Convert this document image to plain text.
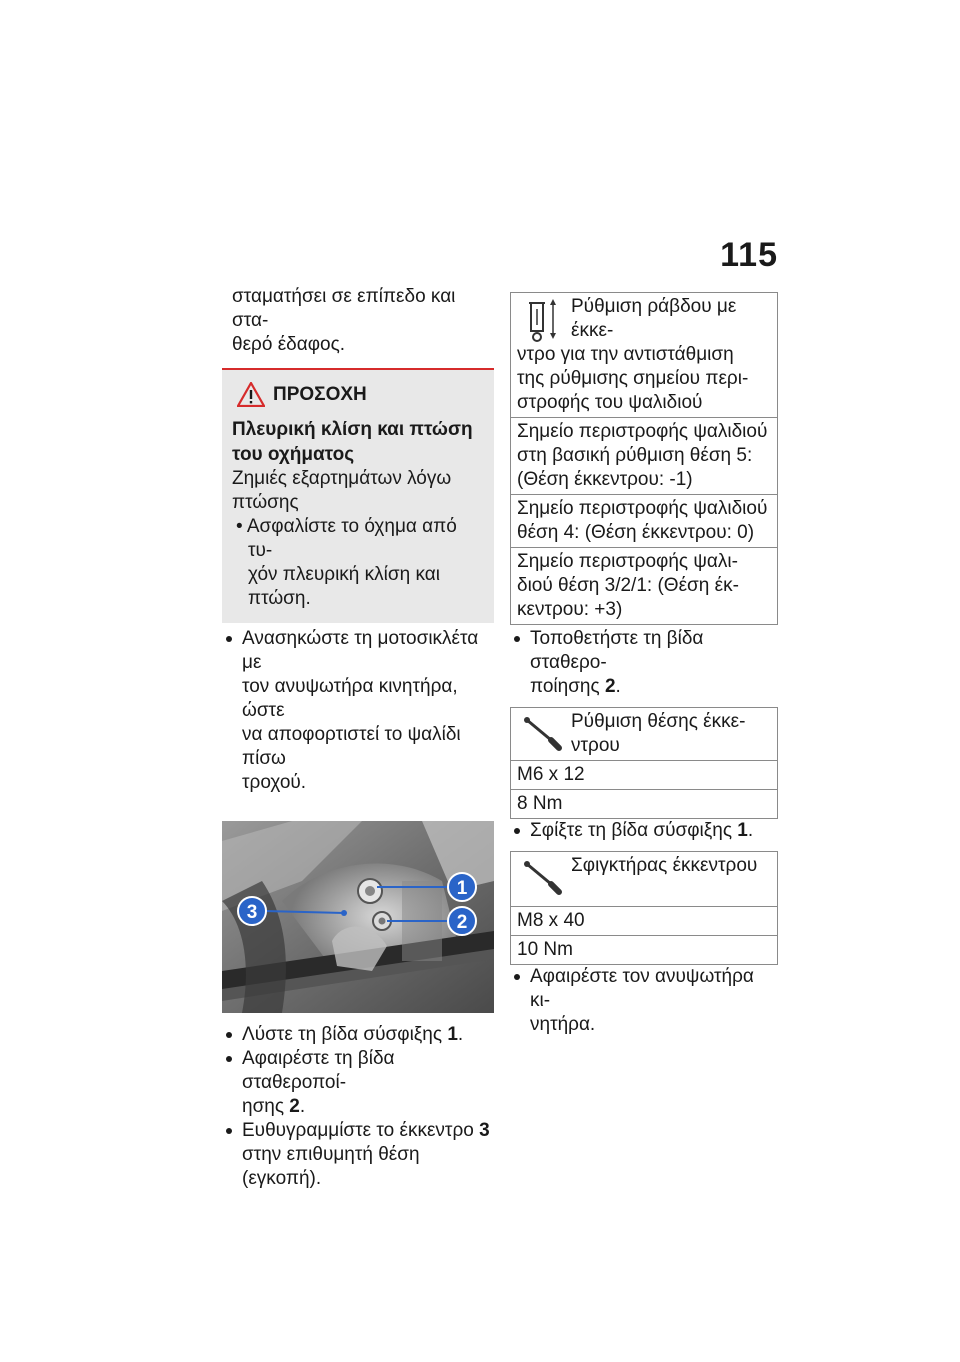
115

σταματήσει σε επίπεδο και στα-

θερό έδαφος.

ΠΡΟΣΟΧΗ
Πλευρική κλίση και πτώση
του οχήματος
Ζημιές εξαρτημάτων λόγω
πτώσης
• Ασφαλίστε το όχημα από τυ-
χόν πλευρική κλίση και πτώση.
Ανασηκώστε τη μοτοσικλέτα με
τον ανυψωτήρα κινητήρα, ώστε
να αποφορτιστεί το ψαλίδι πίσω
τροχού.
1
2
3
Λύστε τη βίδα σύσφιξης 1.
Αφαιρέστε τη βίδα σταθεροποί-
ησης 2.
Ευθυγραμμίστε το έκκεντρο 3
στην επιθυμητή θέση (εγκοπή).
Ρύθμιση ράβδου με έκκε-
ντρο για την αντιστάθμιση
της ρύθμισης σημείου περι-
στροφής του ψαλιδιού

Σημείο περιστροφής ψαλιδιού
στη βασική ρύθμιση θέση 5:
(Θέση έκκεντρου: -1)

Σημείο περιστροφής ψαλιδιού
θέση 4: (Θέση έκκεντρου: 0)

Σημείο περιστροφής ψαλι-
διού θέση 3/2/1: (Θέση έκ-
κεντρου: +3)
Τοποθετήστε τη βίδα σταθερο-
ποίησης 2.
Ρύθμιση θέσης έκκε-
ντρου

M6 x 12
8 Nm
Σφίξτε τη βίδα σύσφιξης 1.
Σφιγκτήρας έκκεντρου

M8 x 40
10 Nm
Αφαιρέστε τον ανυψωτήρα κι-
νητήρα.
